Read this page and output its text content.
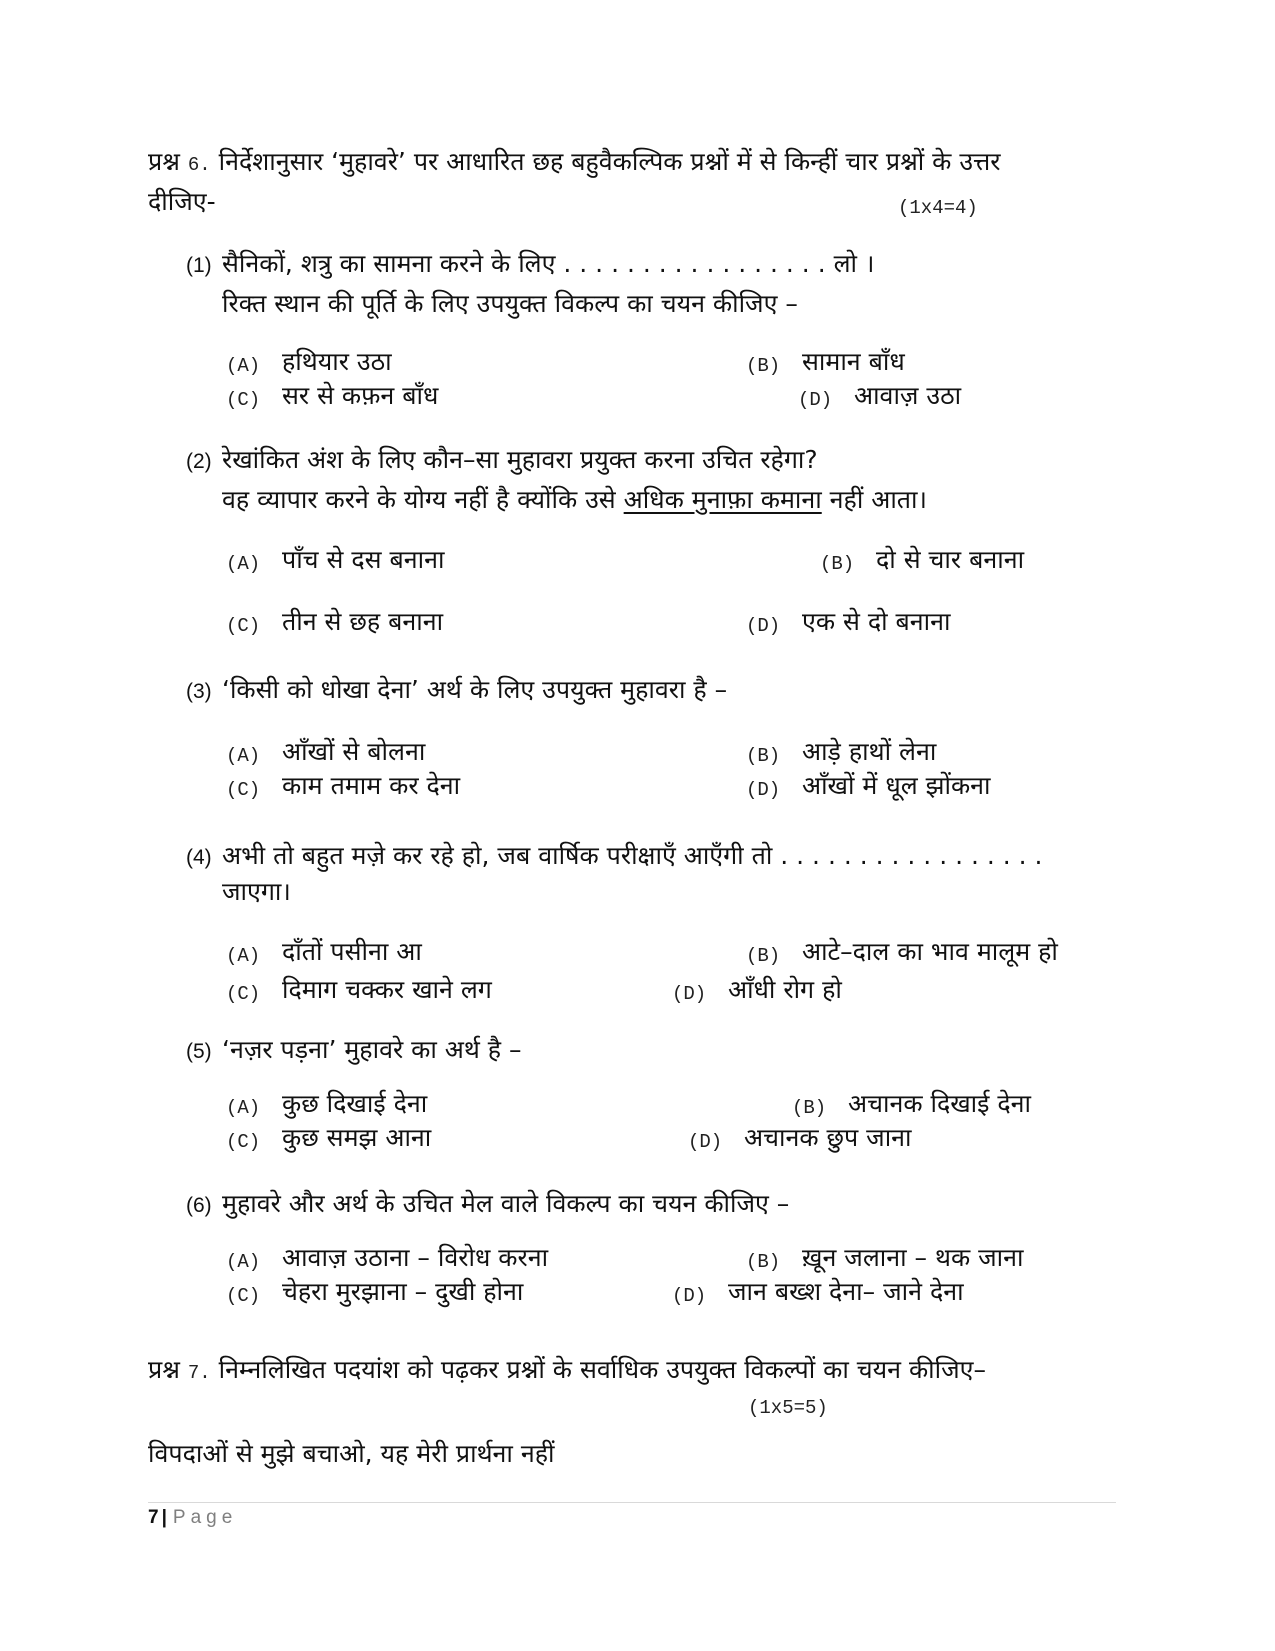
प्रश्न 6. निर्देशानुसार ‘मुहावरे’ पर आधारित छह बहुवैकल्पिक प्रश्नों में से किन्हीं चार प्रश्नों के उत्तर
दीजिए-	(1x4=4)
(1) सैनिकों, शत्रु का सामना करने के लिए . . . . . . . . . . . . . . . . . लो ।
रिक्त स्थान की पूर्ति के लिए उपयुक्त विकल्प का चयन कीजिए –
(A) हथियार उठा	(B) सामान बाँध
(C) सर से कफ़न बाँध	(D) आवाज़ उठा
(2) रेखांकित अंश के लिए कौन–सा मुहावरा प्रयुक्त करना उचित रहेगा?
वह व्यापार करने के योग्य नहीं है क्योंकि उसे अधिक मुनाफ़ा कमाना नहीं आता।
(A) पाँच से दस बनाना	(B) दो से चार बनाना
(C) तीन से छह बनाना	(D) एक से दो बनाना
(3) ‘किसी को धोखा देना’ अर्थ के लिए उपयुक्त मुहावरा है –
(A) आँखों से बोलना	(B) आड़े हाथों लेना
(C) काम तमाम कर देना	(D) आँखों में धूल झोंकना
(4) अभी तो बहुत मज़े कर रहे हो, जब वार्षिक परीक्षाएँ आएँगी तो . . . . . . . . . . . . . . . . .
जाएगा।
(A) दाँतों पसीना आ	(B) आटे–दाल का भाव मालूम हो
(C) दिमाग चक्कर खाने लग	(D) आँधी रोग हो
(5) ‘नज़र पड़ना’ मुहावरे का अर्थ है –
(A) कुछ दिखाई देना	(B) अचानक दिखाई देना
(C) कुछ समझ आना	(D) अचानक छुप जाना
(6) मुहावरे और अर्थ के उचित मेल वाले विकल्प का चयन कीजिए –
(A) आवाज़ उठाना – विरोध करना	(B) ख़ून जलाना – थक जाना
(C) चेहरा मुरझाना – दुखी होना	(D) जान बख्श देना– जाने देना
प्रश्न 7. निम्नलिखित पदयांश को पढ़कर प्रश्नों के सर्वाधिक उपयुक्त विकल्पों का चयन कीजिए–
(1x5=5)
विपदाओं से मुझे बचाओ, यह मेरी प्रार्थना नहीं
7 | Page
